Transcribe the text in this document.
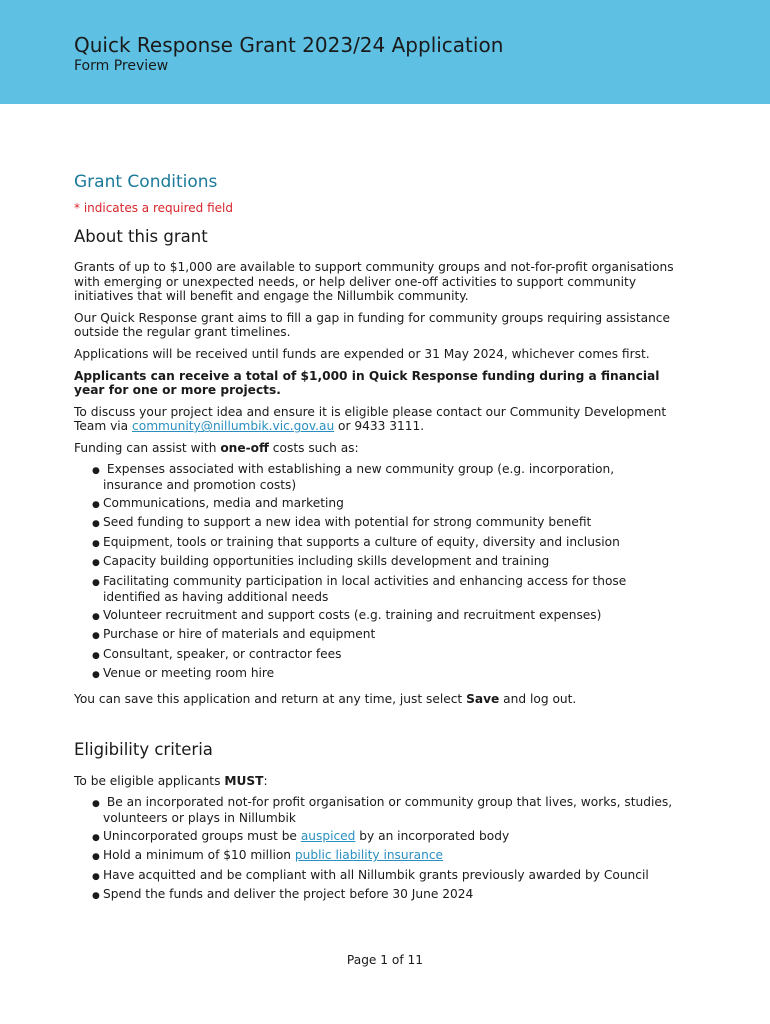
Quick Response Grant 2023/24 Application
Form Preview
Grant Conditions
* indicates a required field
About this grant

Grants of up to $1,000 are available to support community groups and not-for-profit organisations with emerging or unexpected needs, or help deliver one-off activities to support community initiatives that will benefit and engage the Nillumbik community.

Our Quick Response grant aims to fill a gap in funding for community groups requiring assistance outside the regular grant timelines.

Applications will be received until funds are expended or 31 May 2024, whichever comes first.

Applicants can receive a total of $1,000 in Quick Response funding during a financial year for one or more projects.

To discuss your project idea and ensure it is eligible please contact our Community Development Team via community@nillumbik.vic.gov.au or 9433 3111.

Funding can assist with one-off costs such as:

● Expenses associated with establishing a new community group (e.g. incorporation, insurance and promotion costs)
● Communications, media and marketing
● Seed funding to support a new idea with potential for strong community benefit
● Equipment, tools or training that supports a culture of equity, diversity and inclusion
● Capacity building opportunities including skills development and training
● Facilitating community participation in local activities and enhancing access for those identified as having additional needs
● Volunteer recruitment and support costs (e.g. training and recruitment expenses)
● Purchase or hire of materials and equipment
● Consultant, speaker, or contractor fees
● Venue or meeting room hire

You can save this application and return at any time, just select Save and log out.

Eligibility criteria

To be eligible applicants MUST:

● Be an incorporated not-for profit organisation or community group that lives, works, studies, volunteers or plays in Nillumbik
● Unincorporated groups must be auspiced by an incorporated body
● Hold a minimum of $10 million public liability insurance
● Have acquitted and be compliant with all Nillumbik grants previously awarded by Council
● Spend the funds and deliver the project before 30 June 2024
Page 1 of 11
